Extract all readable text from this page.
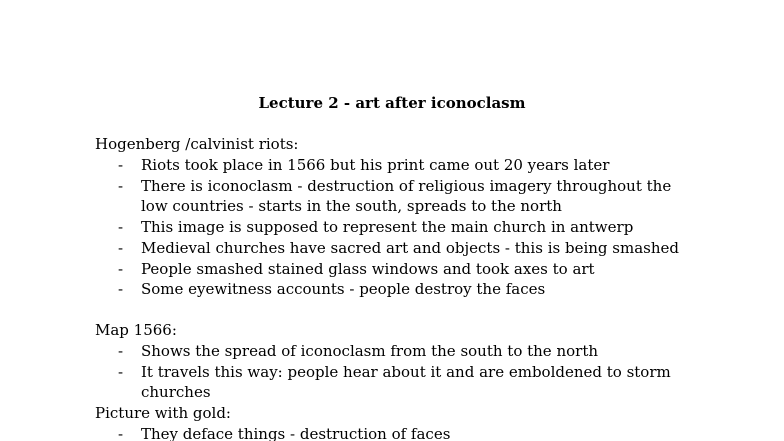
Lecture 2 - art after iconoclasm
Hogenberg /calvinist riots:
- Riots took place in 1566 but his print came out 20 years later
- There is iconoclasm - destruction of religious imagery throughout the low countries - starts in the south, spreads to the north
- This image is supposed to represent the main church in antwerp
- Medieval churches have sacred art and objects - this is being smashed
- People smashed stained glass windows and took axes to art
- Some eyewitness accounts - people destroy the faces
Map 1566:
- Shows the spread of iconoclasm from the south to the north
- It travels this way: people hear about it and are emboldened to storm churches
Picture with gold:
- They deface things - destruction of faces
